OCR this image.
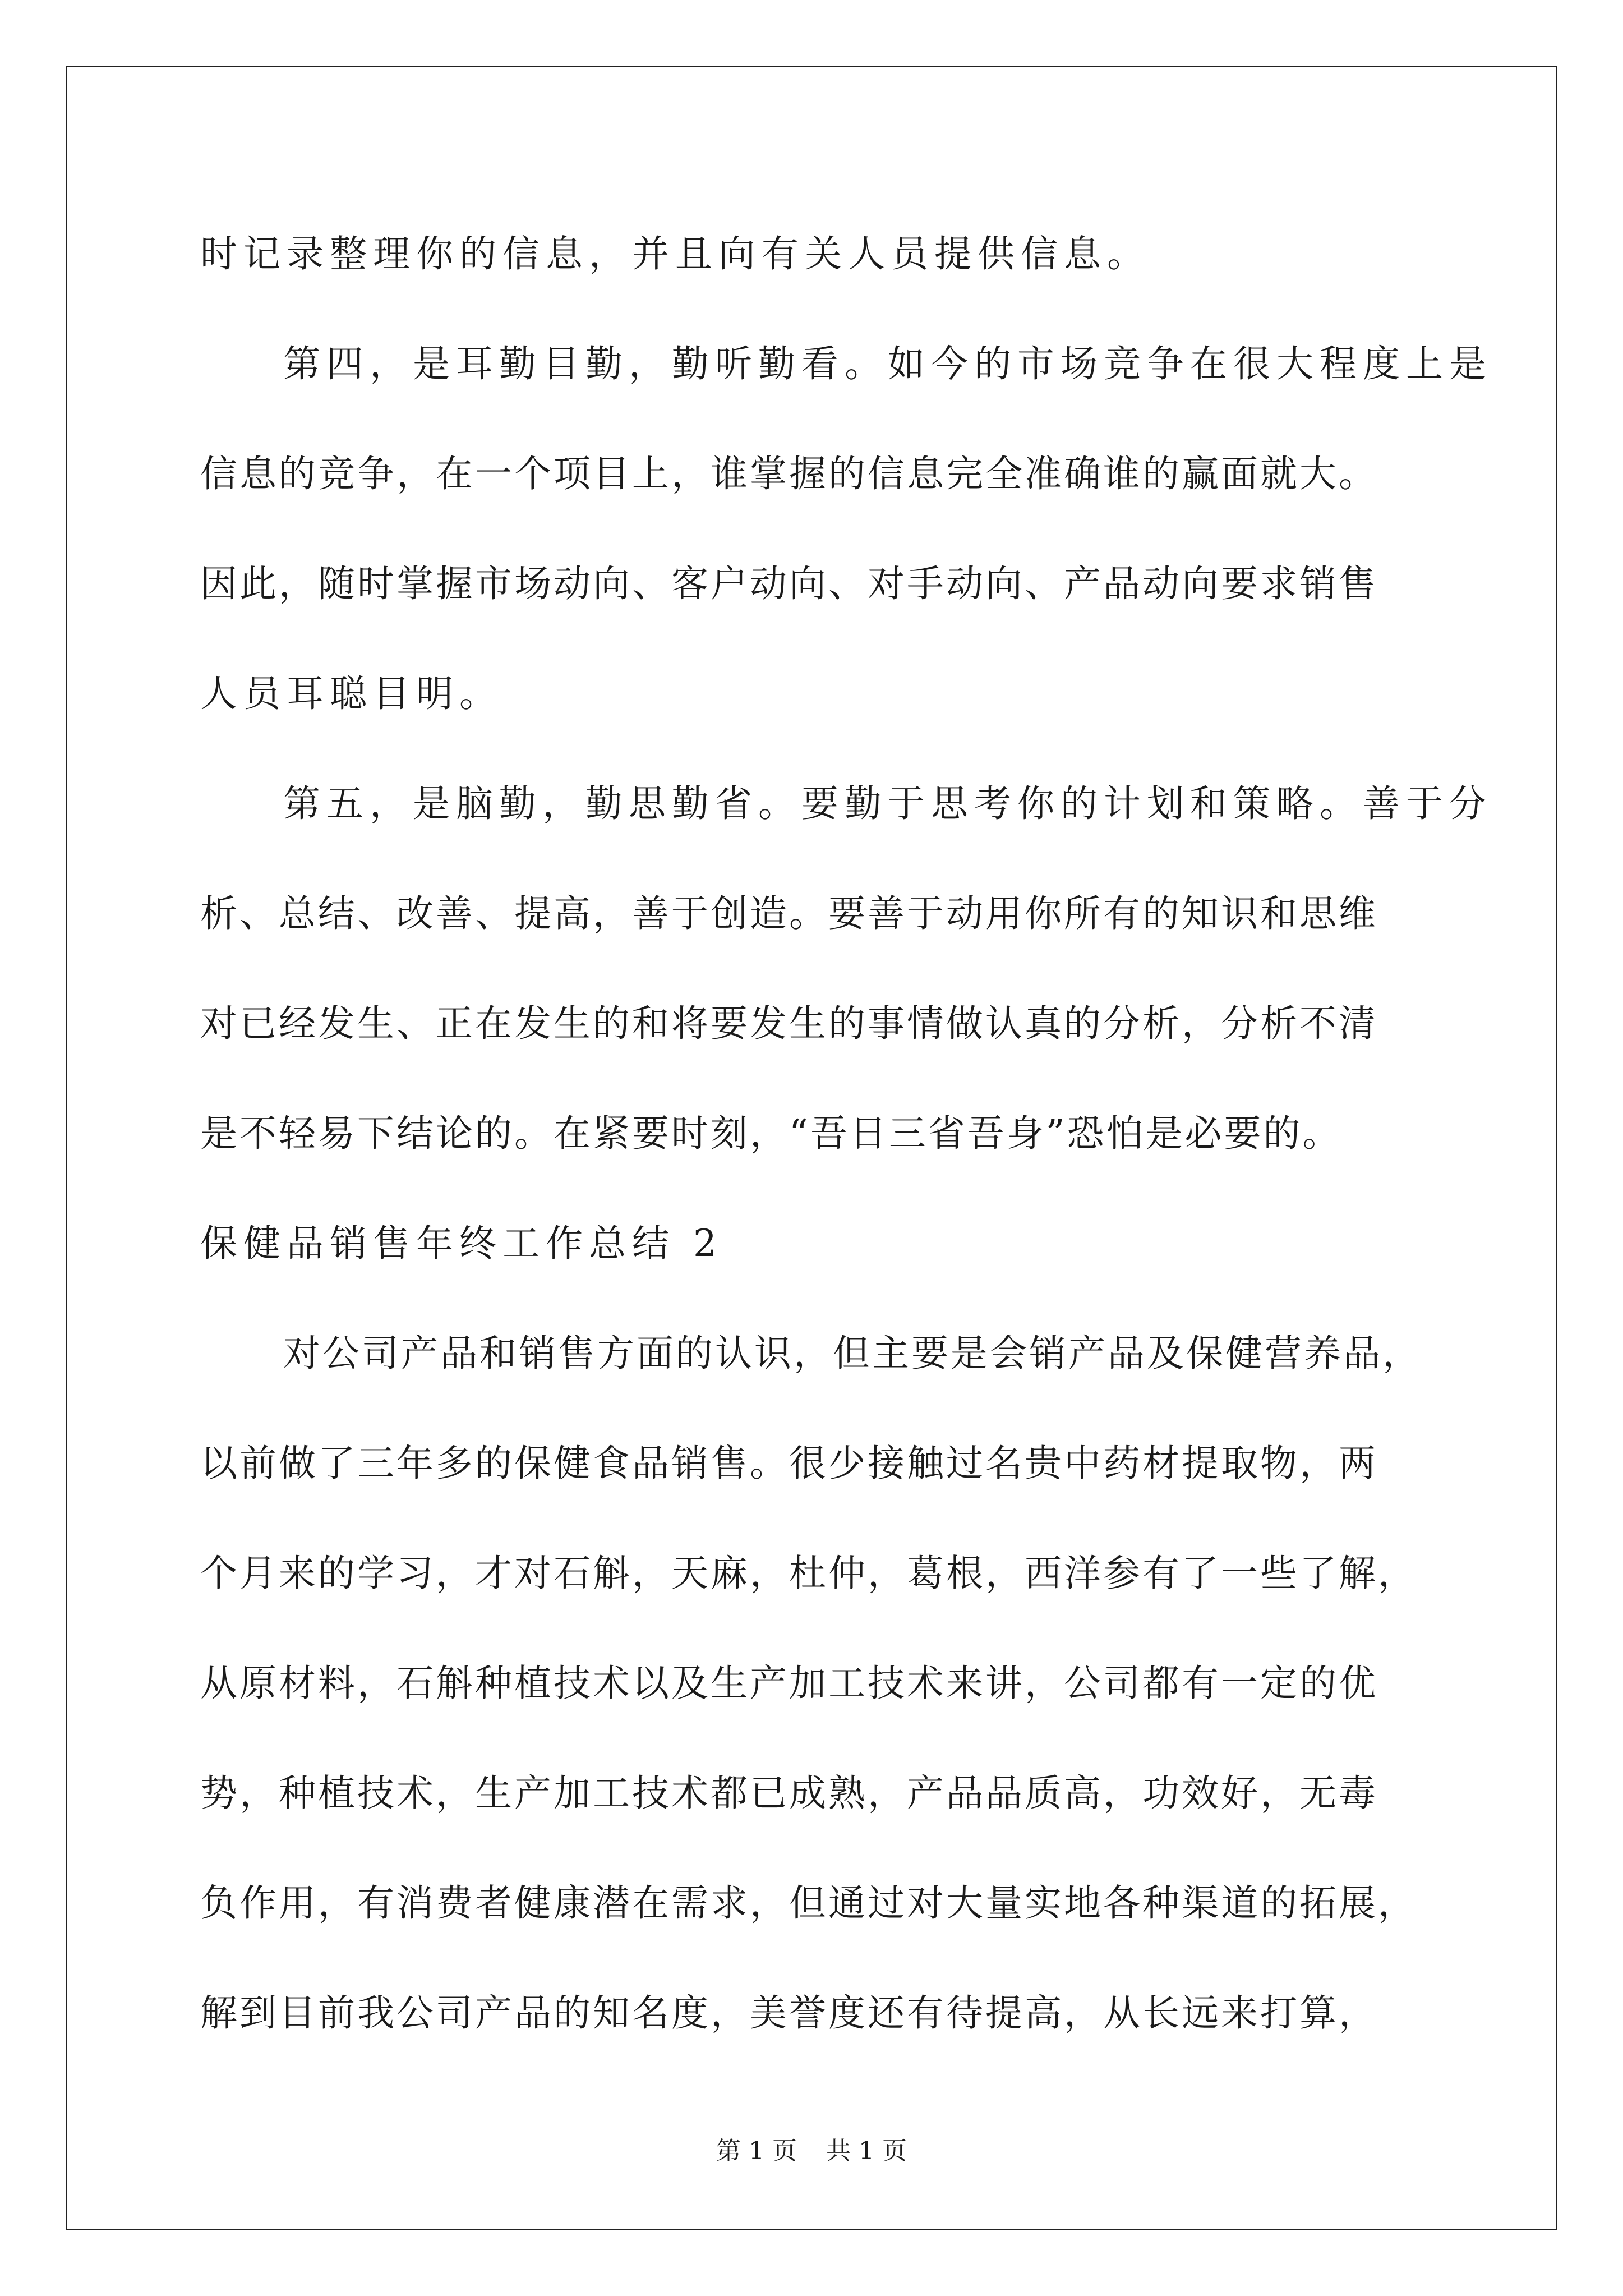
时记录整理你的信息，并且向有关人员提供信息。
第四，是耳勤目勤，勤听勤看。如今的市场竞争在很大程度上是
信息的竞争，在一个项目上，谁掌握的信息完全准确谁的赢面就大。
因此，随时掌握市场动向、客户动向、对手动向、产品动向要求销售
人员耳聪目明。
第五，是脑勤，勤思勤省。要勤于思考你的计划和策略。善于分
析、总结、改善、提高，善于创造。要善于动用你所有的知识和思维
对已经发生、正在发生的和将要发生的事情做认真的分析，分析不清
是不轻易下结论的。在紧要时刻，“吾日三省吾身”恐怕是必要的。
保健品销售年终工作总结 2
对公司产品和销售方面的认识，但主要是会销产品及保健营养品，
以前做了三年多的保健食品销售。很少接触过名贵中药材提取物，两
个月来的学习，才对石斛，天麻，杜仲，葛根，西洋参有了一些了解，
从原材料，石斛种植技术以及生产加工技术来讲，公司都有一定的优
势，种植技术，生产加工技术都已成熟，产品品质高，功效好，无毒
负作用，有消费者健康潜在需求，但通过对大量实地各种渠道的拓展，
解到目前我公司产品的知名度，美誉度还有待提高，从长远来打算，
第 1 页 共 1 页
